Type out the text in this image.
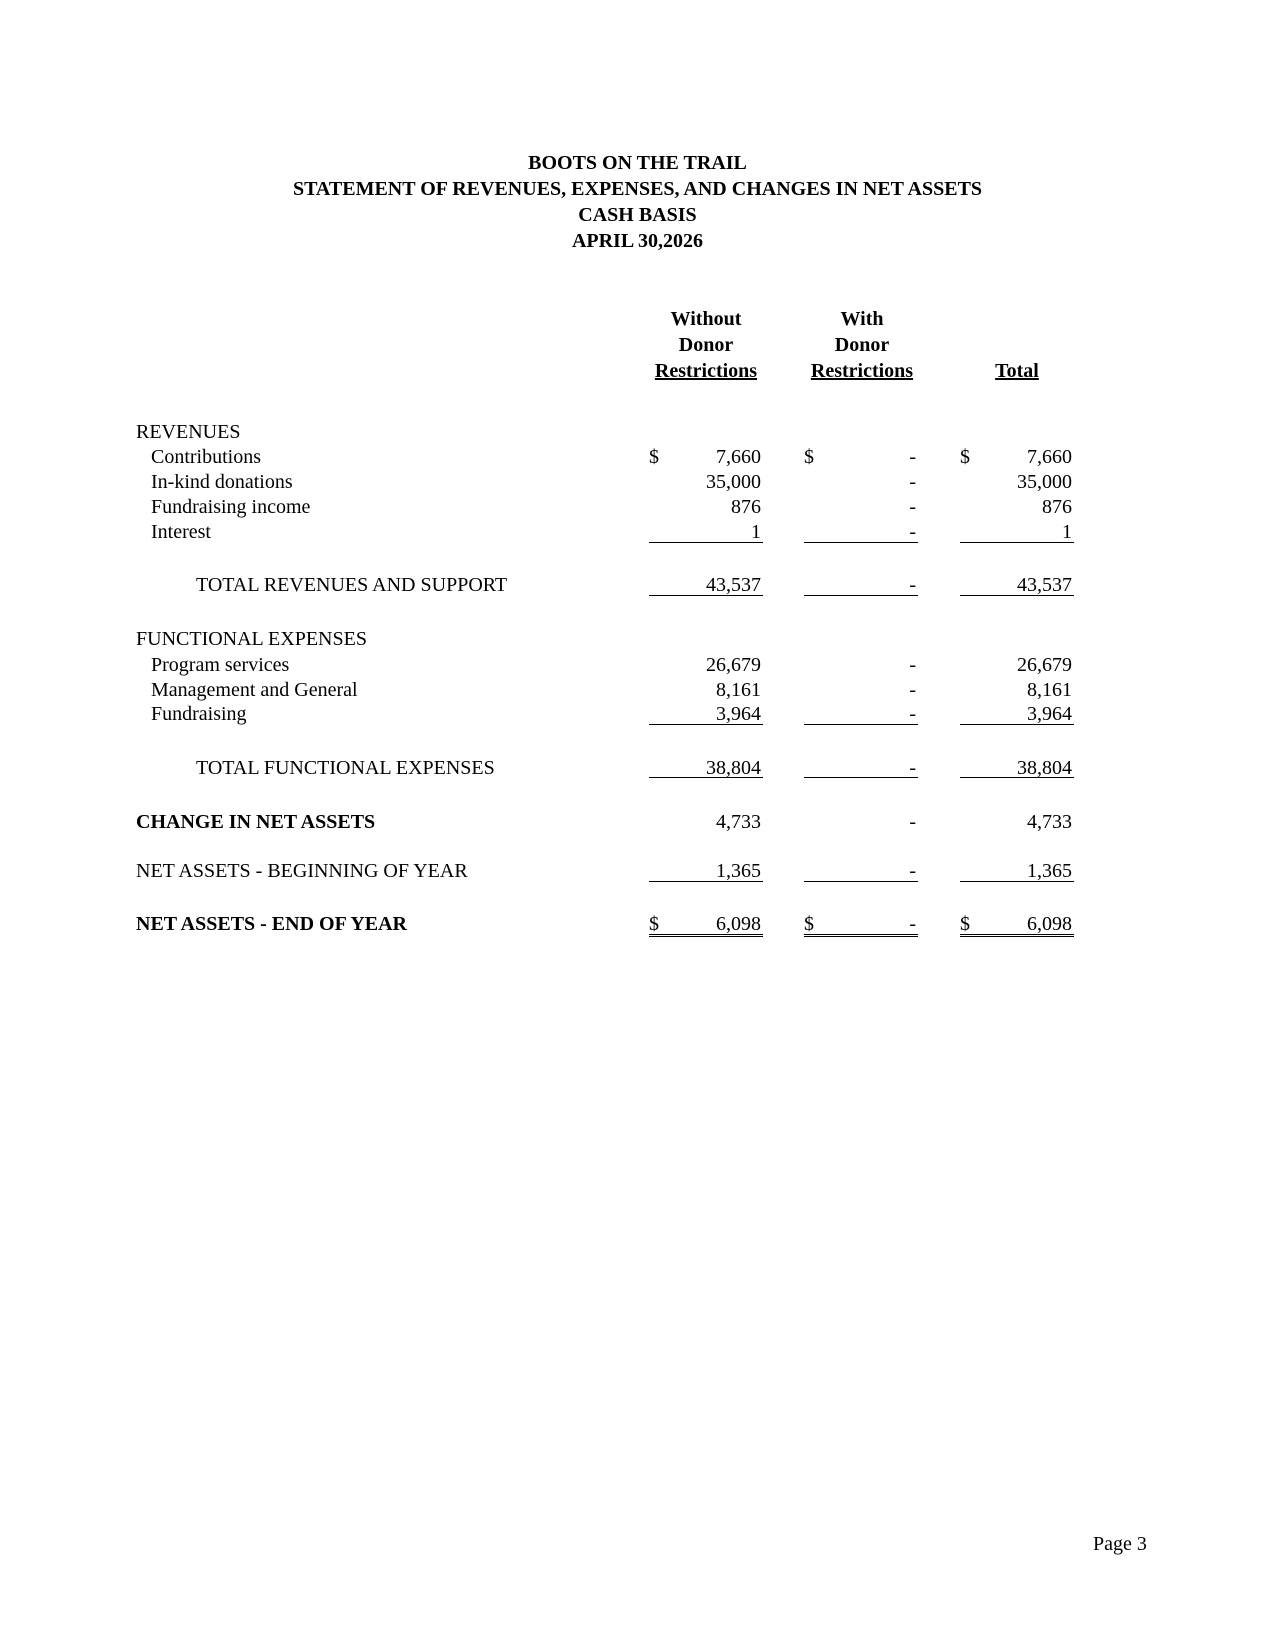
BOOTS ON THE TRAIL
STATEMENT OF REVENUES, EXPENSES, AND CHANGES IN NET ASSETS
CASH BASIS
APRIL 30,2026
Without
Donor
Restrictions
With
Donor
Restrictions

	Total
REVENUES
Contributions	$	7,660 $	- $	7,660
In-kind donations	35,000	-	35,000
Fundraising income	876	-	876
Interest	1	-	1
TOTAL REVENUES AND SUPPORT	43,537	-	43,537
FUNCTIONAL EXPENSES
Program services	26,679	-	26,679
Management and General	8,161	-	8,161
Fundraising	3,964	-	3,964
TOTAL FUNCTIONAL EXPENSES	38,804	-	38,804
CHANGE IN NET ASSETS	4,733	-	4,733
NET ASSETS - BEGINNING OF YEAR	1,365	-	1,365
NET ASSETS - END OF YEAR	$	6,098 $	- $	6,098
Page 3
